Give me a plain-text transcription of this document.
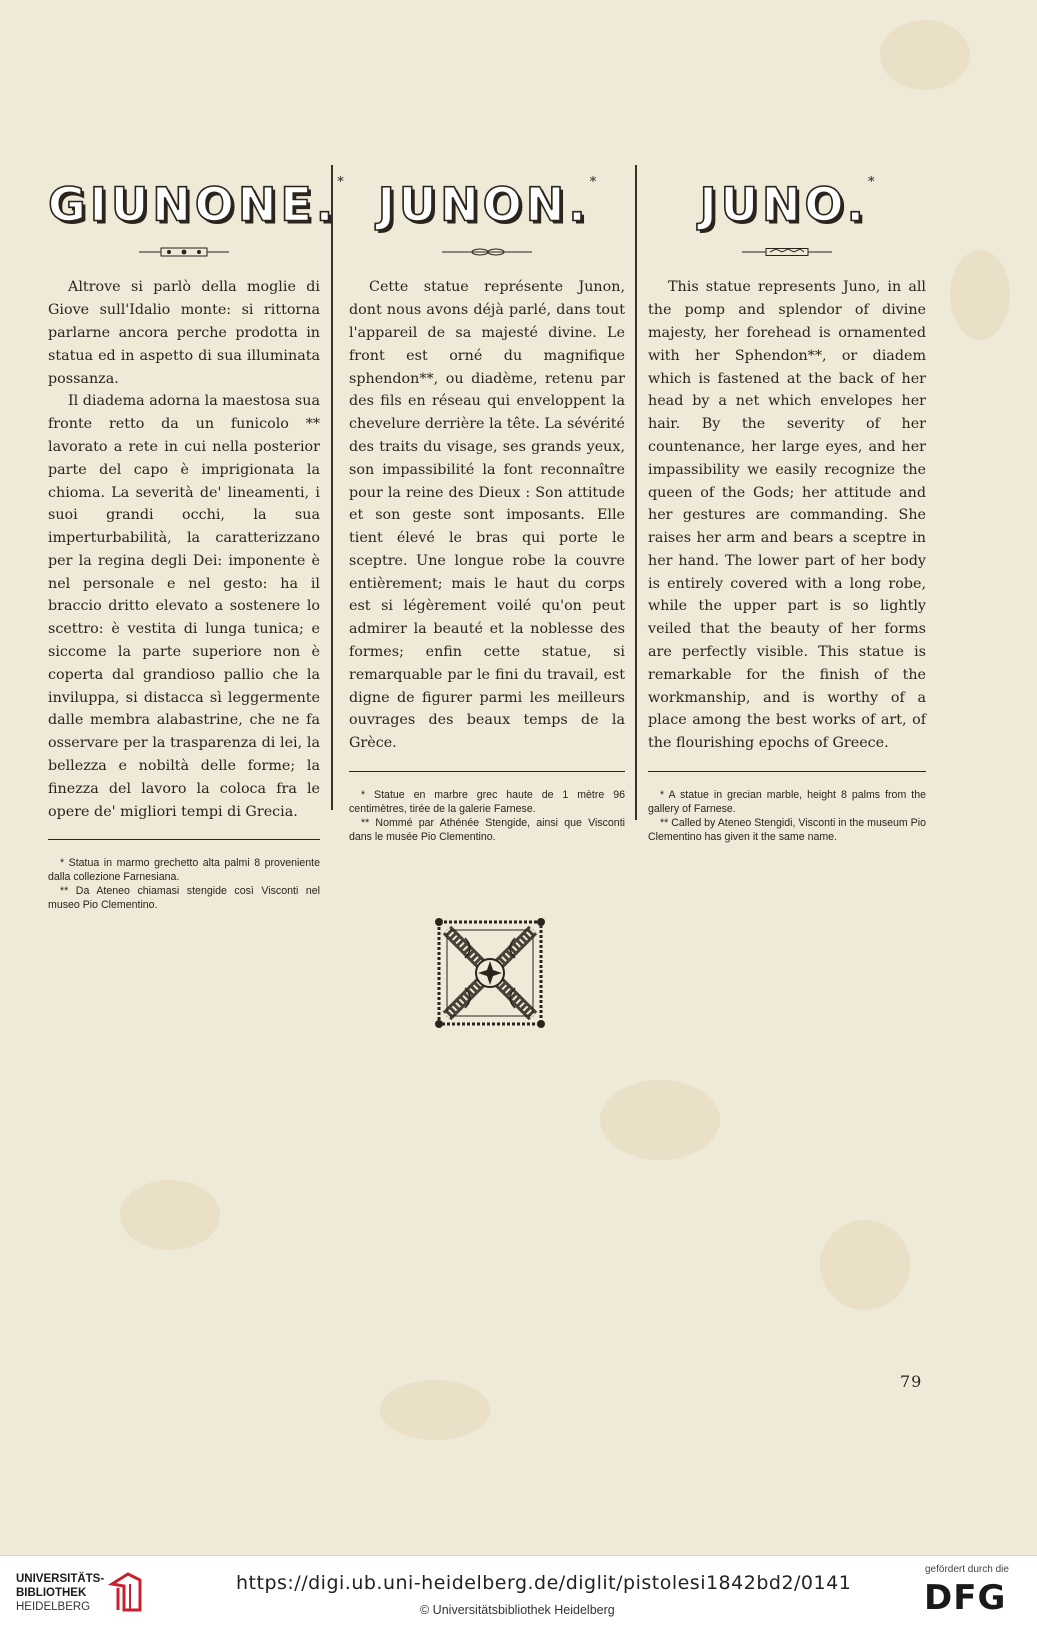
GIUNONE.*

Altrove si parlò della moglie di Giove sull'Idalio monte: si rittorna parlarne ancora perche prodotta in statua ed in aspetto di sua illuminata possanza.

Il diadema adorna la maestosa sua fronte retto da un funicolo ** lavorato a rete in cui nella posterior parte del capo è imprigionata la chioma. La severità de' lineamenti, i suoi grandi occhi, la sua imperturbabilità, la caratterizzano per la regina degli Dei: imponente è nel personale e nel gesto: ha il braccio dritto elevato a sostenere lo scettro: è vestita di lunga tunica; e siccome la parte superiore non è coperta dal grandioso pallio che la inviluppa, si distacca sì leggermente dalle membra alabastrine, che ne fa osservare per la trasparenza di lei, la bellezza e nobiltà delle forme; la finezza del lavoro la coloca fra le opere de' migliori tempi di Grecia.

* Statua in marmo grechetto alta palmi 8 proveniente dalla collezione Farnesiana.

** Da Ateneo chiamasi stengide così Visconti nel museo Pio Clementino.

JUNON.*

Cette statue représente Junon, dont nous avons déjà parlé, dans tout l'appareil de sa majesté divine. Le front est orné du magnifique sphendon**, ou diadème, retenu par des fils en réseau qui enveloppent la chevelure derrière la tête. La sévérité des traits du visage, ses grands yeux, son impassibilité la font reconnaître pour la reine des Dieux : Son attitude et son geste sont imposants. Elle tient élevé le bras qui porte le sceptre. Une longue robe la couvre entièrement; mais le haut du corps est si légèrement voilé qu'on peut admirer la beauté et la noblesse des formes; enfin cette statue, si remarquable par le fini du travail, est digne de figurer parmi les meilleurs ouvrages des beaux temps de la Grèce.

* Statue en marbre grec haute de 1 mètre 96 centimètres, tirée de la galerie Farnese.

** Nommé par Athénée Stengide, ainsi que Visconti dans le musée Pio Clementino.

JUNO.*

This statue represents Juno, in all the pomp and splendor of divine majesty, her forehead is ornamented with her Sphendon**, or diadem which is fastened at the back of her head by a net which envelopes her hair. By the severity of her countenance, her large eyes, and her impassibility we easily recognize the queen of the Gods; her attitude and her gestures are commanding. She raises her arm and bears a sceptre in her hand. The lower part of her body is entirely covered with a long robe, while the upper part is so lightly veiled that the beauty of her forms are perfectly visible. This statue is remarkable for the finish of the workmanship, and is worthy of a place among the best works of art, of the flourishing epochs of Greece.

* A statue in grecian marble, height 8 palms from the gallery of Farnese.

** Called by Ateneo Stengidi, Visconti in the museum Pio Clementino has given it the same name.

79
UNIVERSITÄTS-
BIBLIOTHEK
HEIDELBERG
https://digi.ub.uni-heidelberg.de/diglit/pistolesi1842bd2/0141
© Universitätsbibliothek Heidelberg
gefördert durch die
DFG
